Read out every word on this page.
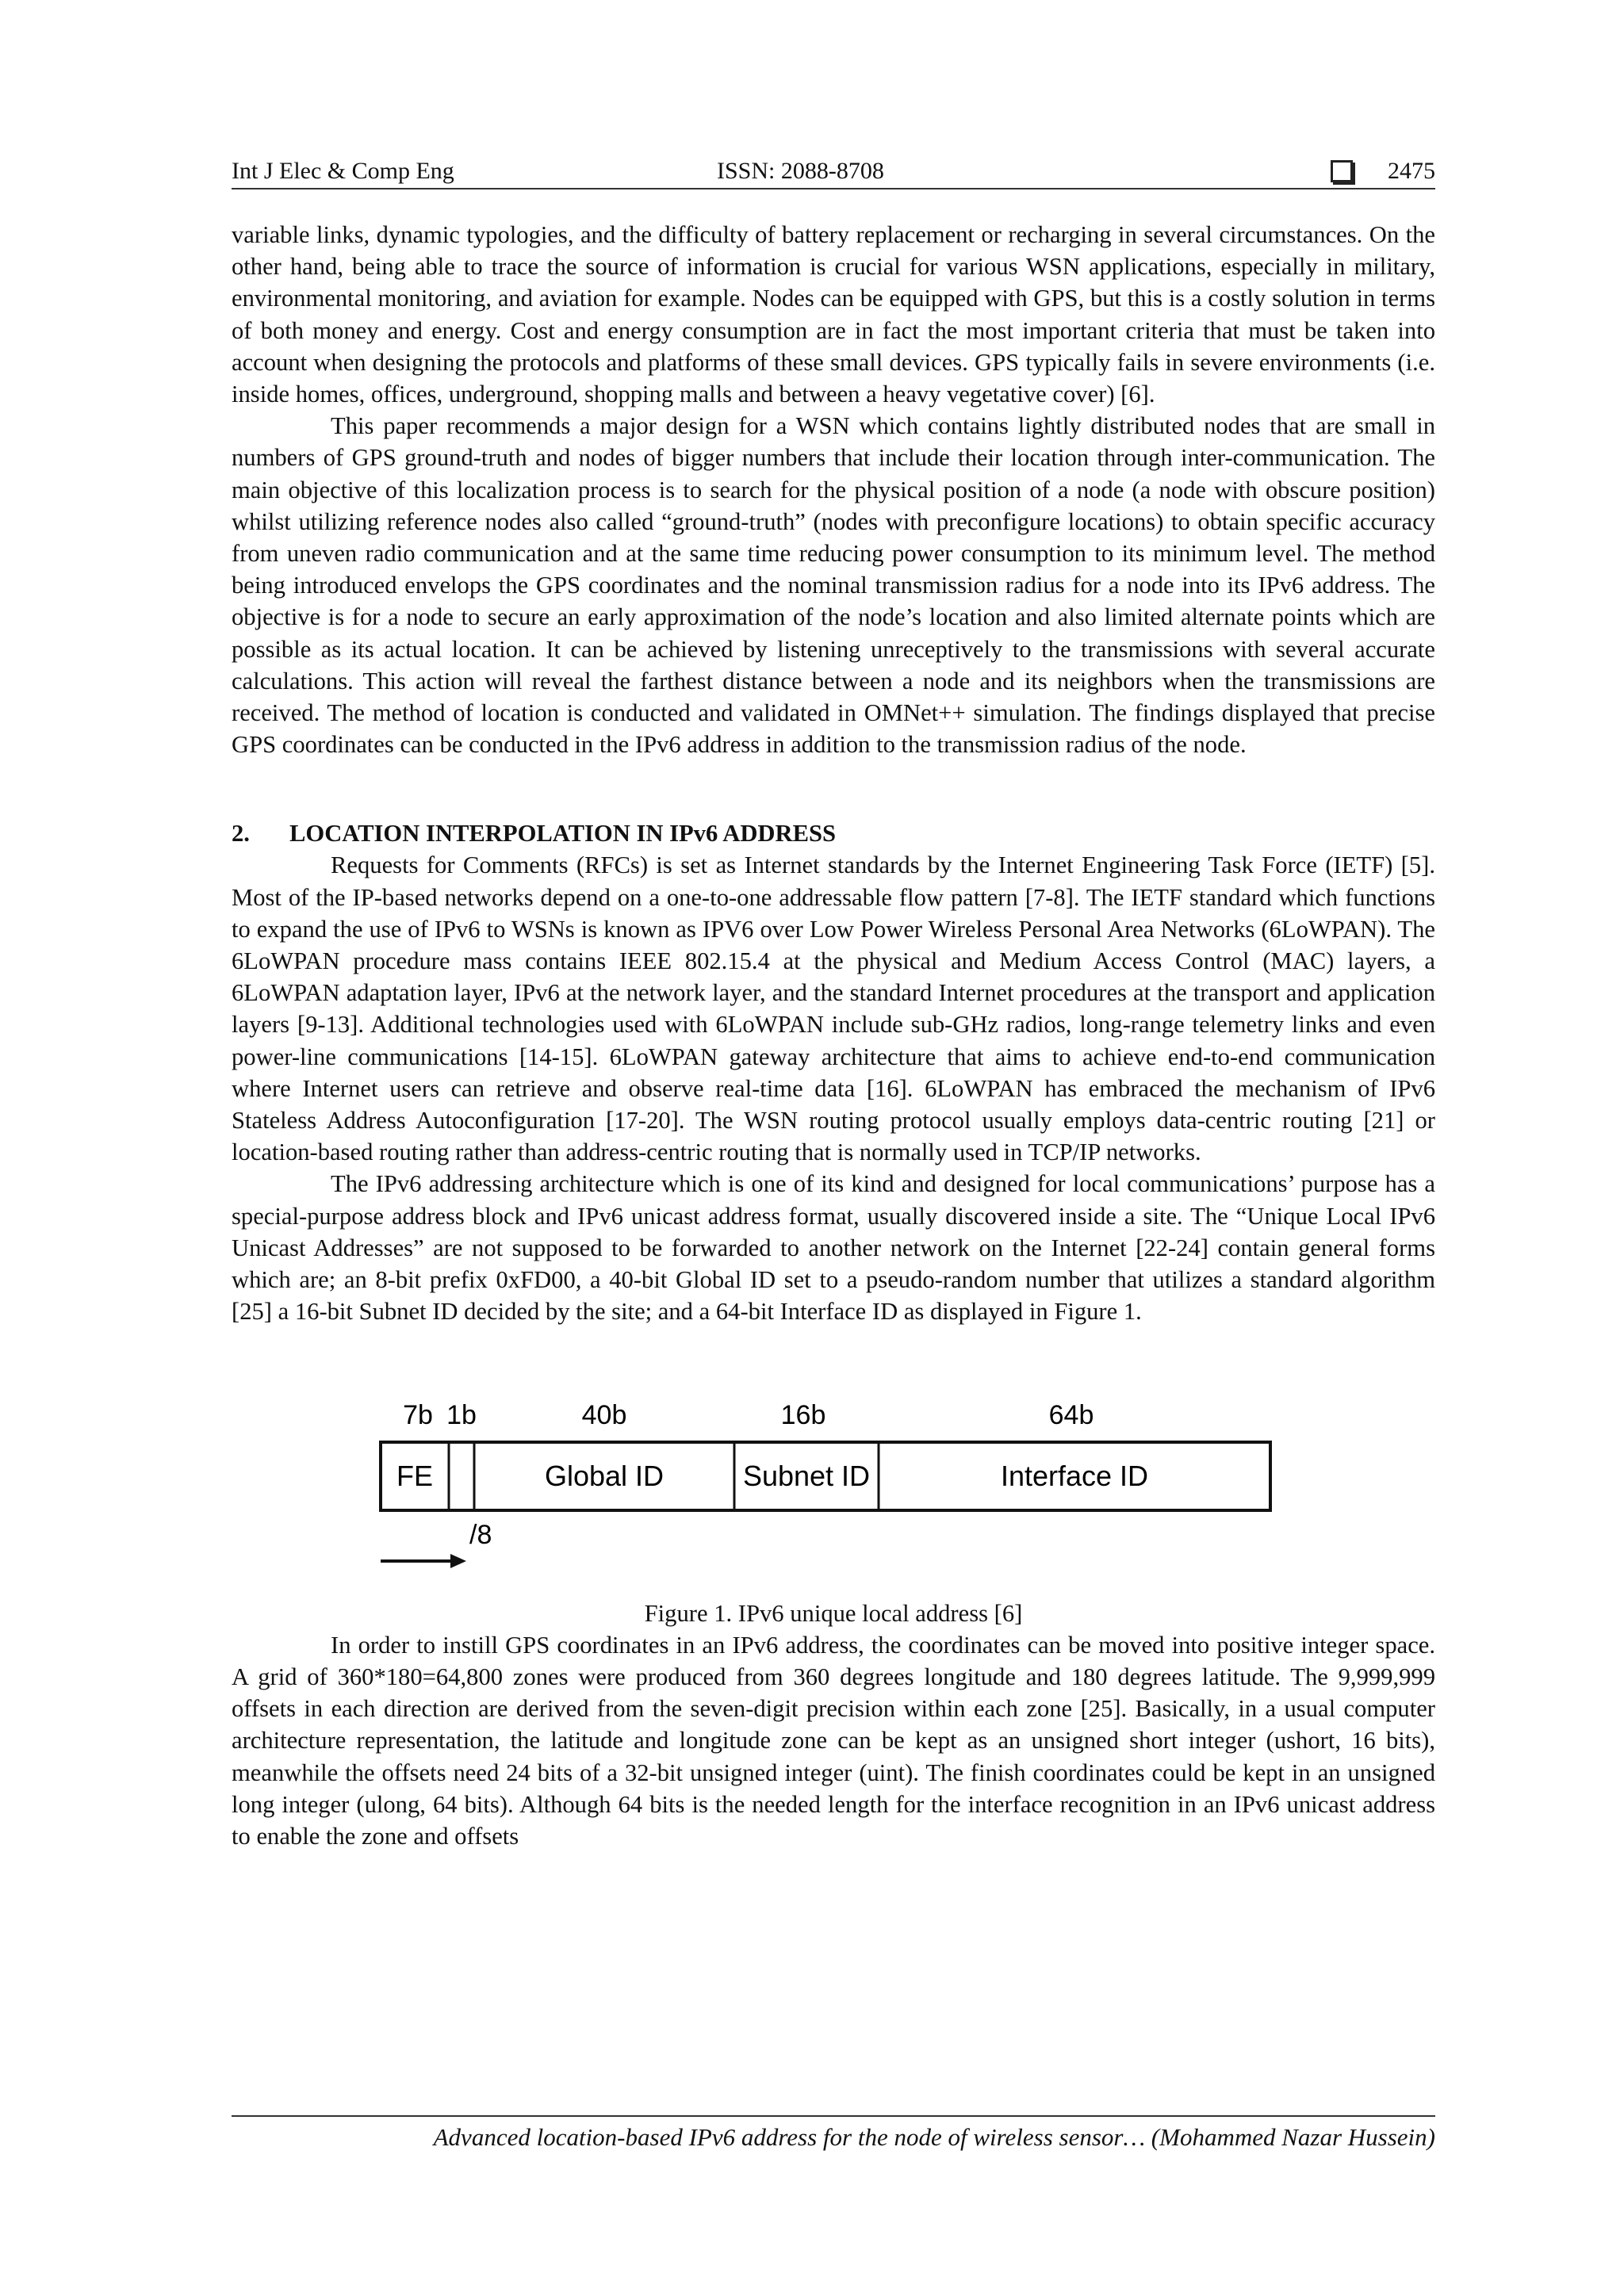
Int J Elec & Comp Eng	ISSN: 2088-8708	2475

variable links, dynamic typologies, and the difficulty of battery replacement or recharging in several circumstances. On the other hand, being able to trace the source of information is crucial for various WSN applications, especially in military, environmental monitoring, and aviation for example. Nodes can be equipped with GPS, but this is a costly solution in terms of both money and energy. Cost and energy consumption are in fact the most important criteria that must be taken into account when designing the protocols and platforms of these small devices. GPS typically fails in severe environments (i.e. inside homes, offices, underground, shopping malls and between a heavy vegetative cover) [6].

This paper recommends a major design for a WSN which contains lightly distributed nodes that are small in numbers of GPS ground-truth and nodes of bigger numbers that include their location through inter-communication. The main objective of this localization process is to search for the physical position of a node (a node with obscure position) whilst utilizing reference nodes also called “ground-truth” (nodes with preconfigure locations) to obtain specific accuracy from uneven radio communication and at the same time reducing power consumption to its minimum level. The method being introduced envelops the GPS coordinates and the nominal transmission radius for a node into its IPv6 address. The objective is for a node to secure an early approximation of the node’s location and also limited alternate points which are possible as its actual location. It can be achieved by listening unreceptively to the transmissions with several accurate calculations. This action will reveal the farthest distance between a node and its neighbors when the transmissions are received. The method of location is conducted and validated in OMNet++ simulation. The findings displayed that precise GPS coordinates can be conducted in the IPv6 address in addition to the transmission radius of the node.

2. LOCATION INTERPOLATION IN IPv6 ADDRESS

Requests for Comments (RFCs) is set as Internet standards by the Internet Engineering Task Force (IETF) [5]. Most of the IP-based networks depend on a one-to-one addressable flow pattern [7-8]. The IETF standard which functions to expand the use of IPv6 to WSNs is known as IPV6 over Low Power Wireless Personal Area Networks (6LoWPAN). The 6LoWPAN procedure mass contains IEEE 802.15.4 at the physical and Medium Access Control (MAC) layers, a 6LoWPAN adaptation layer, IPv6 at the network layer, and the standard Internet procedures at the transport and application layers [9-13]. Additional technologies used with 6LoWPAN include sub-GHz radios, long-range telemetry links and even power-line communications [14-15]. 6LoWPAN gateway architecture that aims to achieve end-to-end communication where Internet users can retrieve and observe real-time data [16]. 6LoWPAN has embraced the mechanism of IPv6 Stateless Address Autoconfiguration [17-20]. The WSN routing protocol usually employs data-centric routing [21] or location-based routing rather than address-centric routing that is normally used in TCP/IP networks.

The IPv6 addressing architecture which is one of its kind and designed for local communications’ purpose has a special-purpose address block and IPv6 unicast address format, usually discovered inside a site. The “Unique Local IPv6 Unicast Addresses” are not supposed to be forwarded to another network on the Internet [22-24] contain general forms which are; an 8-bit prefix 0xFD00, a 40-bit Global ID set to a pseudo-random number that utilizes a standard algorithm [25] a 16-bit Subnet ID decided by the site; and a 64-bit Interface ID as displayed in Figure 1.

7b 1b	40b	16b	64b
FE	Global ID	Subnet ID	Interface ID
/8
Figure 1. IPv6 unique local address [6]

In order to instill GPS coordinates in an IPv6 address, the coordinates can be moved into positive integer space. A grid of 360*180=64,800 zones were produced from 360 degrees longitude and 180 degrees latitude. The 9,999,999 offsets in each direction are derived from the seven-digit precision within each zone [25]. Basically, in a usual computer architecture representation, the latitude and longitude zone can be kept as an unsigned short integer (ushort, 16 bits), meanwhile the offsets need 24 bits of a 32-bit unsigned integer (uint). The finish coordinates could be kept in an unsigned long integer (ulong, 64 bits). Although 64 bits is the needed length for the interface recognition in an IPv6 unicast address to enable the zone and offsets

Advanced location-based IPv6 address for the node of wireless sensor… (Mohammed Nazar Hussein)
